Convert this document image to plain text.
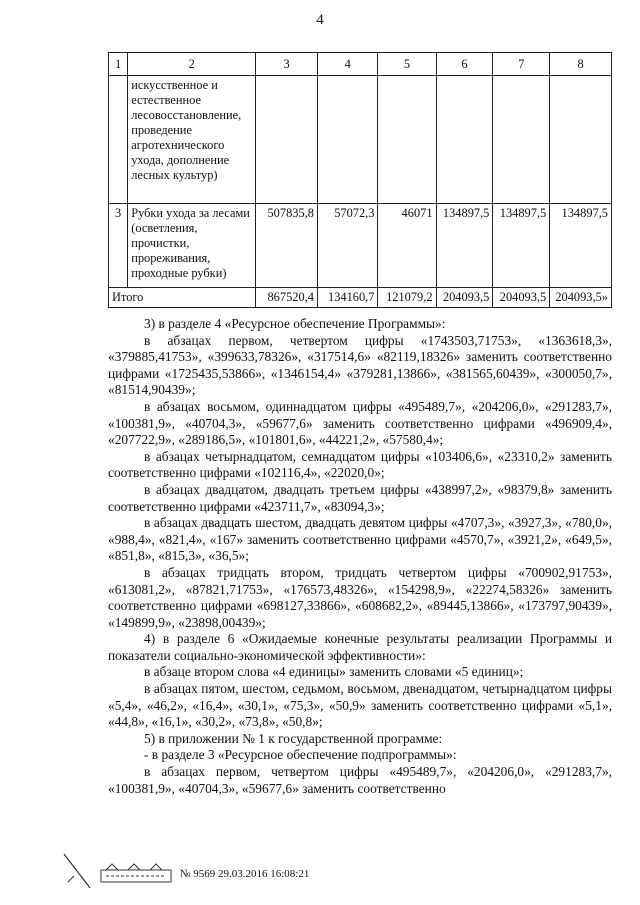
4
1	2	3	4	5	6	7	8
	искусственное и естественное лесовосстановление, проведение агротехнического ухода, дополнение лесных культур)						
3	Рубки ухода за лесами (осветления, прочистки, прореживания, проходные рубки)	507835,8	57072,3	46071	134897,5	134897,5	134897,5
Итого		867520,4	134160,7	121079,2	204093,5	204093,5	204093,5»

3) в разделе 4 «Ресурсное обеспечение Программы»:

в абзацах первом, четвертом цифры «1743503,71753», «1363618,3», «379885,41753», «399633,78326», «317514,6» «82119,18326» заменить соответственно цифрами «1725435,53866», «1346154,4» «379281,13866», «381565,60439», «300050,7», «81514,90439»;

в абзацах восьмом, одиннадцатом цифры «495489,7», «204206,0», «291283,7», «100381,9», «40704,3», «59677,6» заменить соответственно цифрами «496909,4», «207722,9», «289186,5», «101801,6», «44221,2», «57580,4»;

в абзацах четырнадцатом, семнадцатом цифры «103406,6», «23310,2» заменить соответственно цифрами «102116,4», «22020,0»;

в абзацах двадцатом, двадцать третьем цифры «438997,2», «98379,8» заменить соответственно цифрами «423711,7», «83094,3»;

в абзацах двадцать шестом, двадцать девятом цифры «4707,3», «3927,3», «780,0», «988,4», «821,4», «167» заменить соответственно цифрами «4570,7», «3921,2», «649,5», «851,8», «815,3», «36,5»;

в абзацах тридцать втором, тридцать четвертом цифры «700902,91753», «613081,2», «87821,71753», «176573,48326», «154298,9», «22274,58326» заменить соответственно цифрами «698127,33866», «608682,2», «89445,13866», «173797,90439», «149899,9», «23898,00439»;

4) в разделе 6 «Ожидаемые конечные результаты реализации Программы и показатели социально-экономической эффективности»:

в абзаце втором слова «4 единицы» заменить словами «5 единиц»;

в абзацах пятом, шестом, седьмом, восьмом, двенадцатом, четырнадцатом цифры «5,4», «46,2», «16,4», «30,1», «75,3», «50,9» заменить соответственно цифрами «5,1», «44,8», «16,1», «30,2», «73,8», «50,8»;

5) в приложении № 1 к государственной программе:

- в разделе 3 «Ресурсное обеспечение подпрограммы»:

в абзацах первом, четвертом цифры «495489,7», «204206,0», «291283,7», «100381,9», «40704,3», «59677,6» заменить соответственно

№ 9569 29.03.2016 16:08:21
